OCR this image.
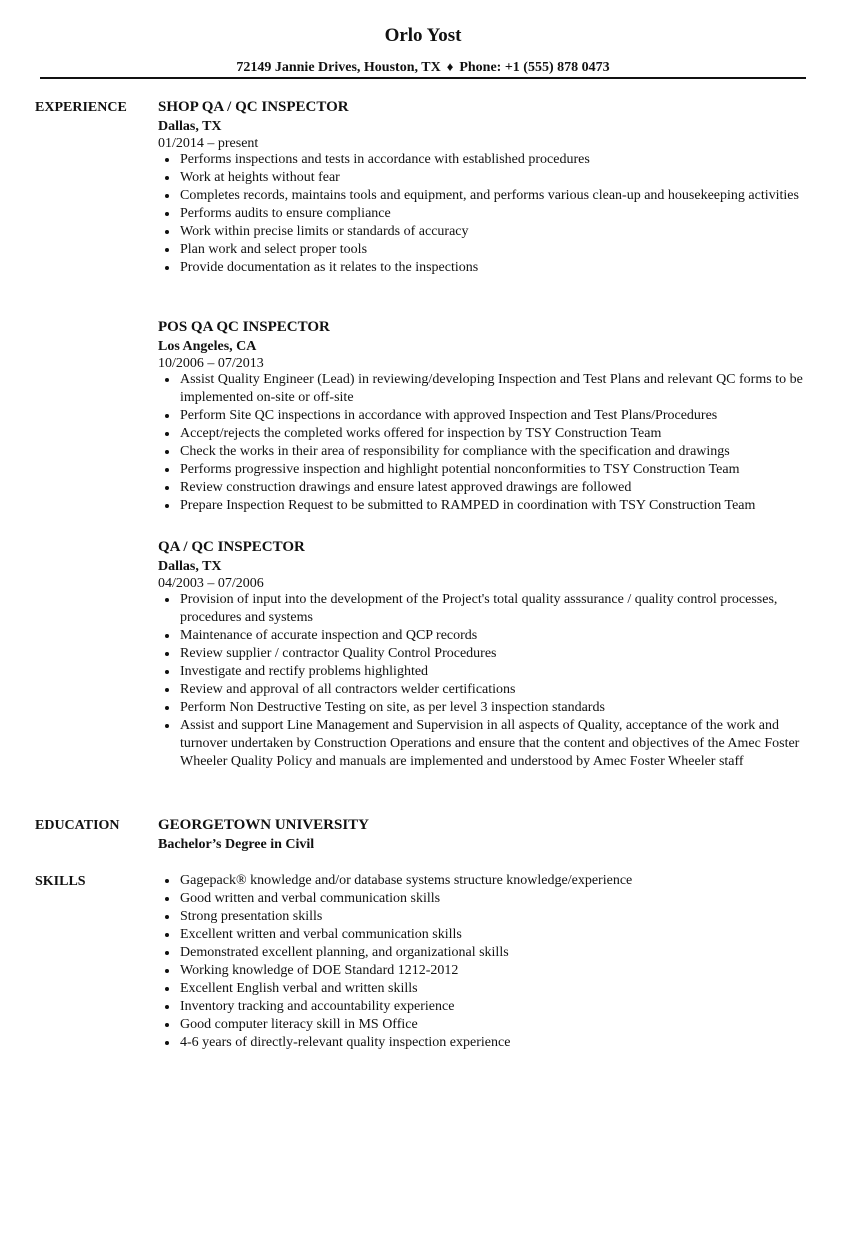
Orlo Yost
72149 Jannie Drives, Houston, TX ♦ Phone: +1 (555) 878 0473
EXPERIENCE SHOP QA / QC INSPECTOR
Dallas, TX
01/2014 – present
Performs inspections and tests in accordance with established procedures
Work at heights without fear
Completes records, maintains tools and equipment, and performs various clean-up and housekeeping activities
Performs audits to ensure compliance
Work within precise limits or standards of accuracy
Plan work and select proper tools
Provide documentation as it relates to the inspections
POS QA QC INSPECTOR
Los Angeles, CA
10/2006 – 07/2013
Assist Quality Engineer (Lead) in reviewing/developing Inspection and Test Plans and relevant QC forms to be implemented on-site or off-site
Perform Site QC inspections in accordance with approved Inspection and Test Plans/Procedures
Accept/rejects the completed works offered for inspection by TSY Construction Team
Check the works in their area of responsibility for compliance with the specification and drawings
Performs progressive inspection and highlight potential nonconformities to TSY Construction Team
Review construction drawings and ensure latest approved drawings are followed
Prepare Inspection Request to be submitted to RAMPED in coordination with TSY Construction Team
QA / QC INSPECTOR
Dallas, TX
04/2003 – 07/2006
Provision of input into the development of the Project's total quality asssurance / quality control processes, procedures and systems
Maintenance of accurate inspection and QCP records
Review supplier / contractor Quality Control Procedures
Investigate and rectify problems highlighted
Review and approval of all contractors welder certifications
Perform Non Destructive Testing on site, as per level 3 inspection standards
Assist and support Line Management and Supervision in all aspects of Quality, acceptance of the work and turnover undertaken by Construction Operations and ensure that the content and objectives of the Amec Foster Wheeler Quality Policy and manuals are implemented and understood by Amec Foster Wheeler staff
EDUCATION	GEORGETOWN UNIVERSITY
Bachelor’s Degree in Civil
SKILLS	Gagepack® knowledge and/or database systems structure knowledge/experience
Good written and verbal communication skills
Strong presentation skills
Excellent written and verbal communication skills
Demonstrated excellent planning, and organizational skills
Working knowledge of DOE Standard 1212-2012
Excellent English verbal and written skills
Inventory tracking and accountability experience
Good computer literacy skill in MS Office
4-6 years of directly-relevant quality inspection experience
